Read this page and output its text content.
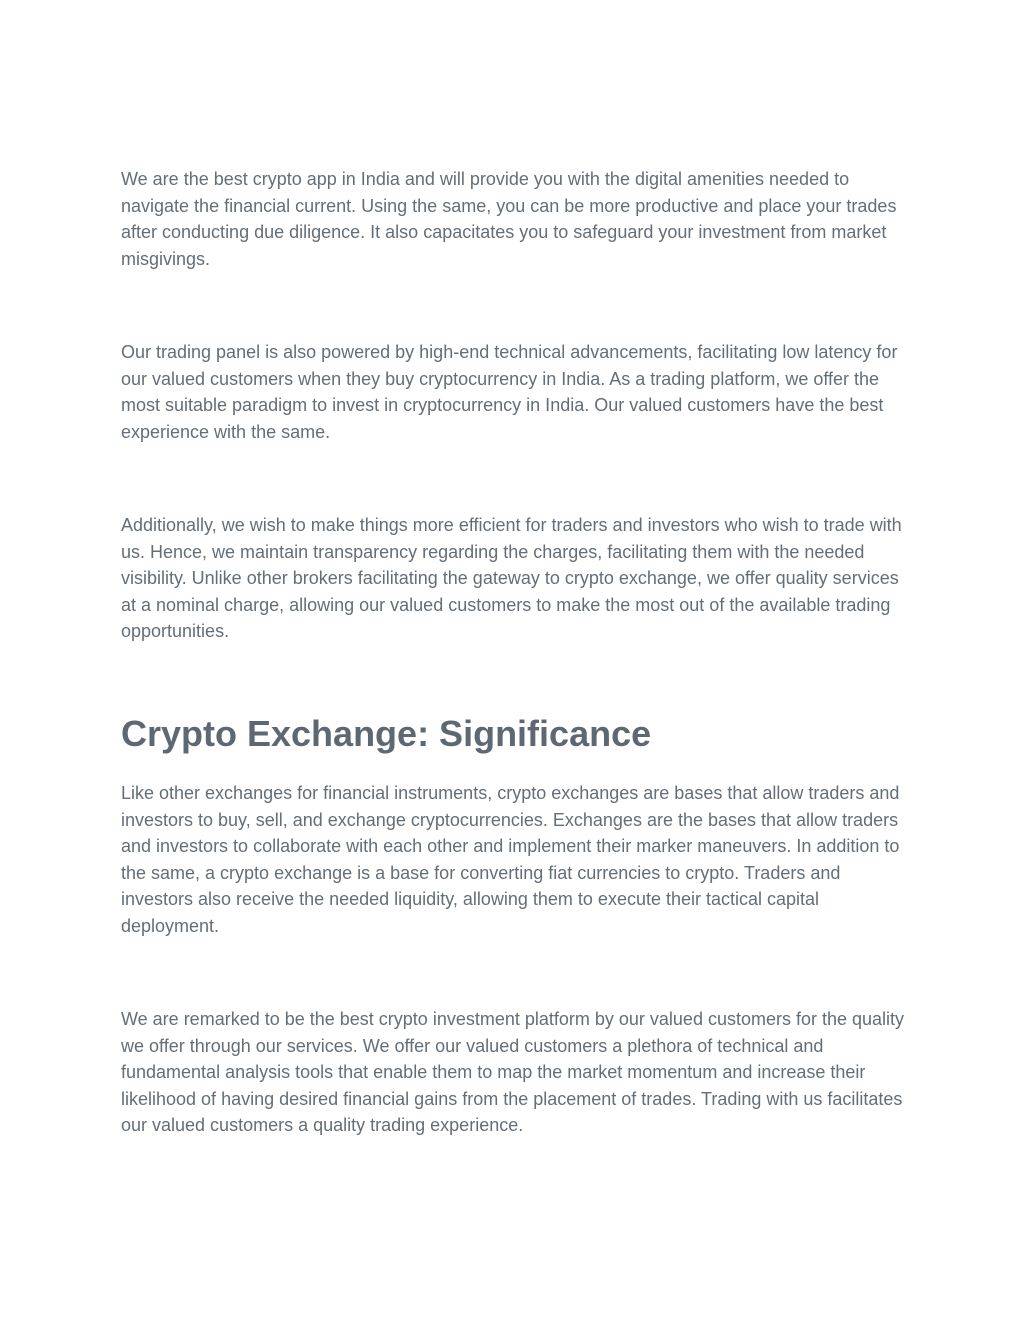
We are the best crypto app in India and will provide you with the digital amenities needed to navigate the financial current. Using the same, you can be more productive and place your trades after conducting due diligence. It also capacitates you to safeguard your investment from market misgivings.

Our trading panel is also powered by high-end technical advancements, facilitating low latency for our valued customers when they buy cryptocurrency in India. As a trading platform, we offer the most suitable paradigm to invest in cryptocurrency in India. Our valued customers have the best experience with the same.

Additionally, we wish to make things more efficient for traders and investors who wish to trade with us. Hence, we maintain transparency regarding the charges, facilitating them with the needed visibility. Unlike other brokers facilitating the gateway to crypto exchange, we offer quality services at a nominal charge, allowing our valued customers to make the most out of the available trading opportunities.

Crypto Exchange: Significance

Like other exchanges for financial instruments, crypto exchanges are bases that allow traders and investors to buy, sell, and exchange cryptocurrencies. Exchanges are the bases that allow traders and investors to collaborate with each other and implement their marker maneuvers. In addition to the same, a crypto exchange is a base for converting fiat currencies to crypto. Traders and investors also receive the needed liquidity, allowing them to execute their tactical capital deployment.

We are remarked to be the best crypto investment platform by our valued customers for the quality we offer through our services. We offer our valued customers a plethora of technical and fundamental analysis tools that enable them to map the market momentum and increase their likelihood of having desired financial gains from the placement of trades. Trading with us facilitates our valued customers a quality trading experience.
